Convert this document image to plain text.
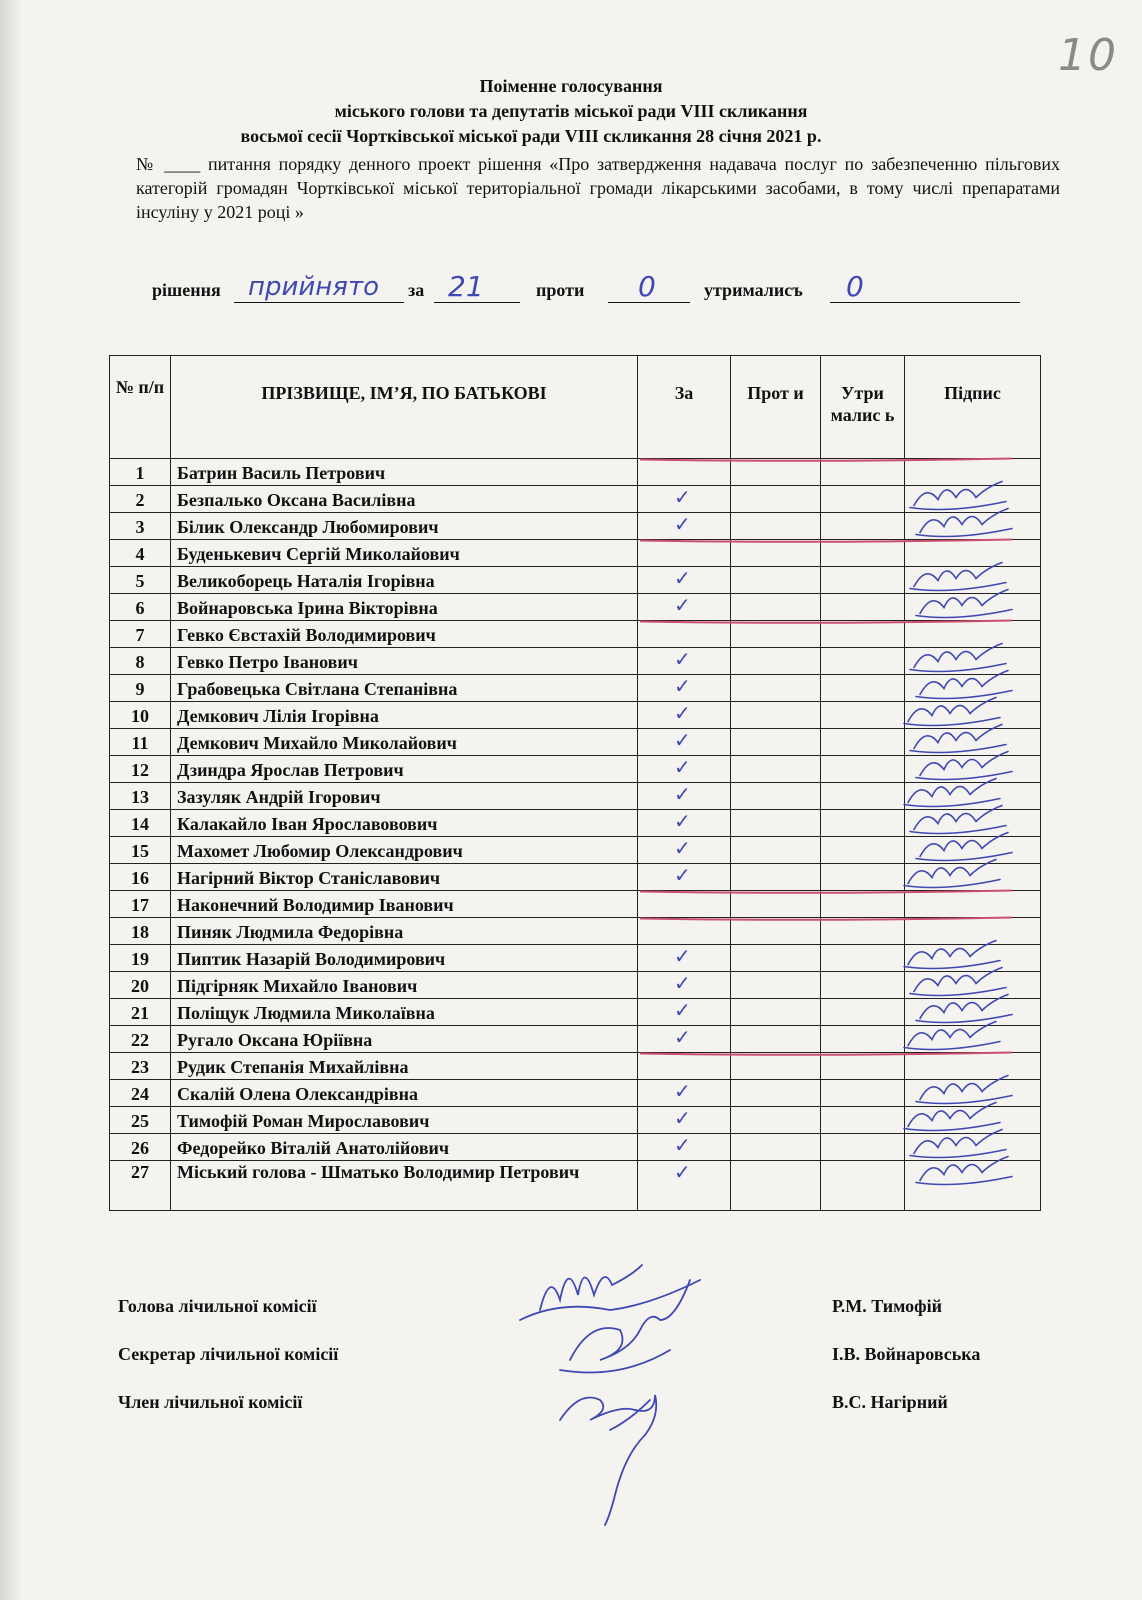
10
Поіменне голосування
міського голови та депутатів міської ради VIII скликання
восьмої сесії Чортківської міської ради VIII скликання 28 січня 2021 р.
№ ____ питання порядку денного проект рішення «Про затвердження надавача послуг по забезпеченню пільгових категорій громадян Чортківської міської територіальної громади лікарськими засобами, в тому числі препаратами інсуліну у 2021 році »
рішення прийнято за 21	проти 0	утрималисъ 0
№ п/п	ПРІЗВИЩЕ, ІМ’Я, ПО БАТЬКОВІ	За	Прот и	Утри малис ь	Підпис
1	Батрин Василь Петрович				
2	Безпалько Оксана Василівна	✓			

3	Білик Олександр Любомирович	✓			

4	Буденькевич Сергій Миколайович				
5	Великоборець Наталія Ігорівна	✓			

6	Войнаровська Ірина Вікторівна	✓			

7	Гевко Євстахій Володимирович				
8	Гевко Петро Іванович	✓			

9	Грабовецька Світлана Степанівна	✓			

10	Демкович Лілія Ігорівна	✓			

11	Демкович Михайло Миколайович	✓			

12	Дзиндра Ярослав Петрович	✓			

13	Зазуляк Андрій Ігорович	✓			

14	Калакайло Іван Ярославовович	✓			

15	Махомет Любомир Олександрович	✓			

16	Нагірний Віктор Станіславович	✓			

17	Наконечний Володимир Іванович				
18	Пиняк Людмила Федорівна				
19	Пиптик Назарій Володимирович	✓			

20	Підгірняк Михайло Іванович	✓			

21	Поліщук Людмила Миколаївна	✓			

22	Ругало Оксана Юріївна	✓			

23	Рудик Степанія Михайлівна				
24	Скалій Олена Олександрівна	✓			

25	Тимофій Роман Мирославович	✓			

26	Федорейко Віталій Анатолійович	✓			

27	Міський голова - Шматько Володимир Петрович	✓			

Голова лічильної комісії	Р.М. Тимофій
Секретар лічильної комісії	І.В. Войнаровська
Член лічильної комісії	В.С. Нагірний
